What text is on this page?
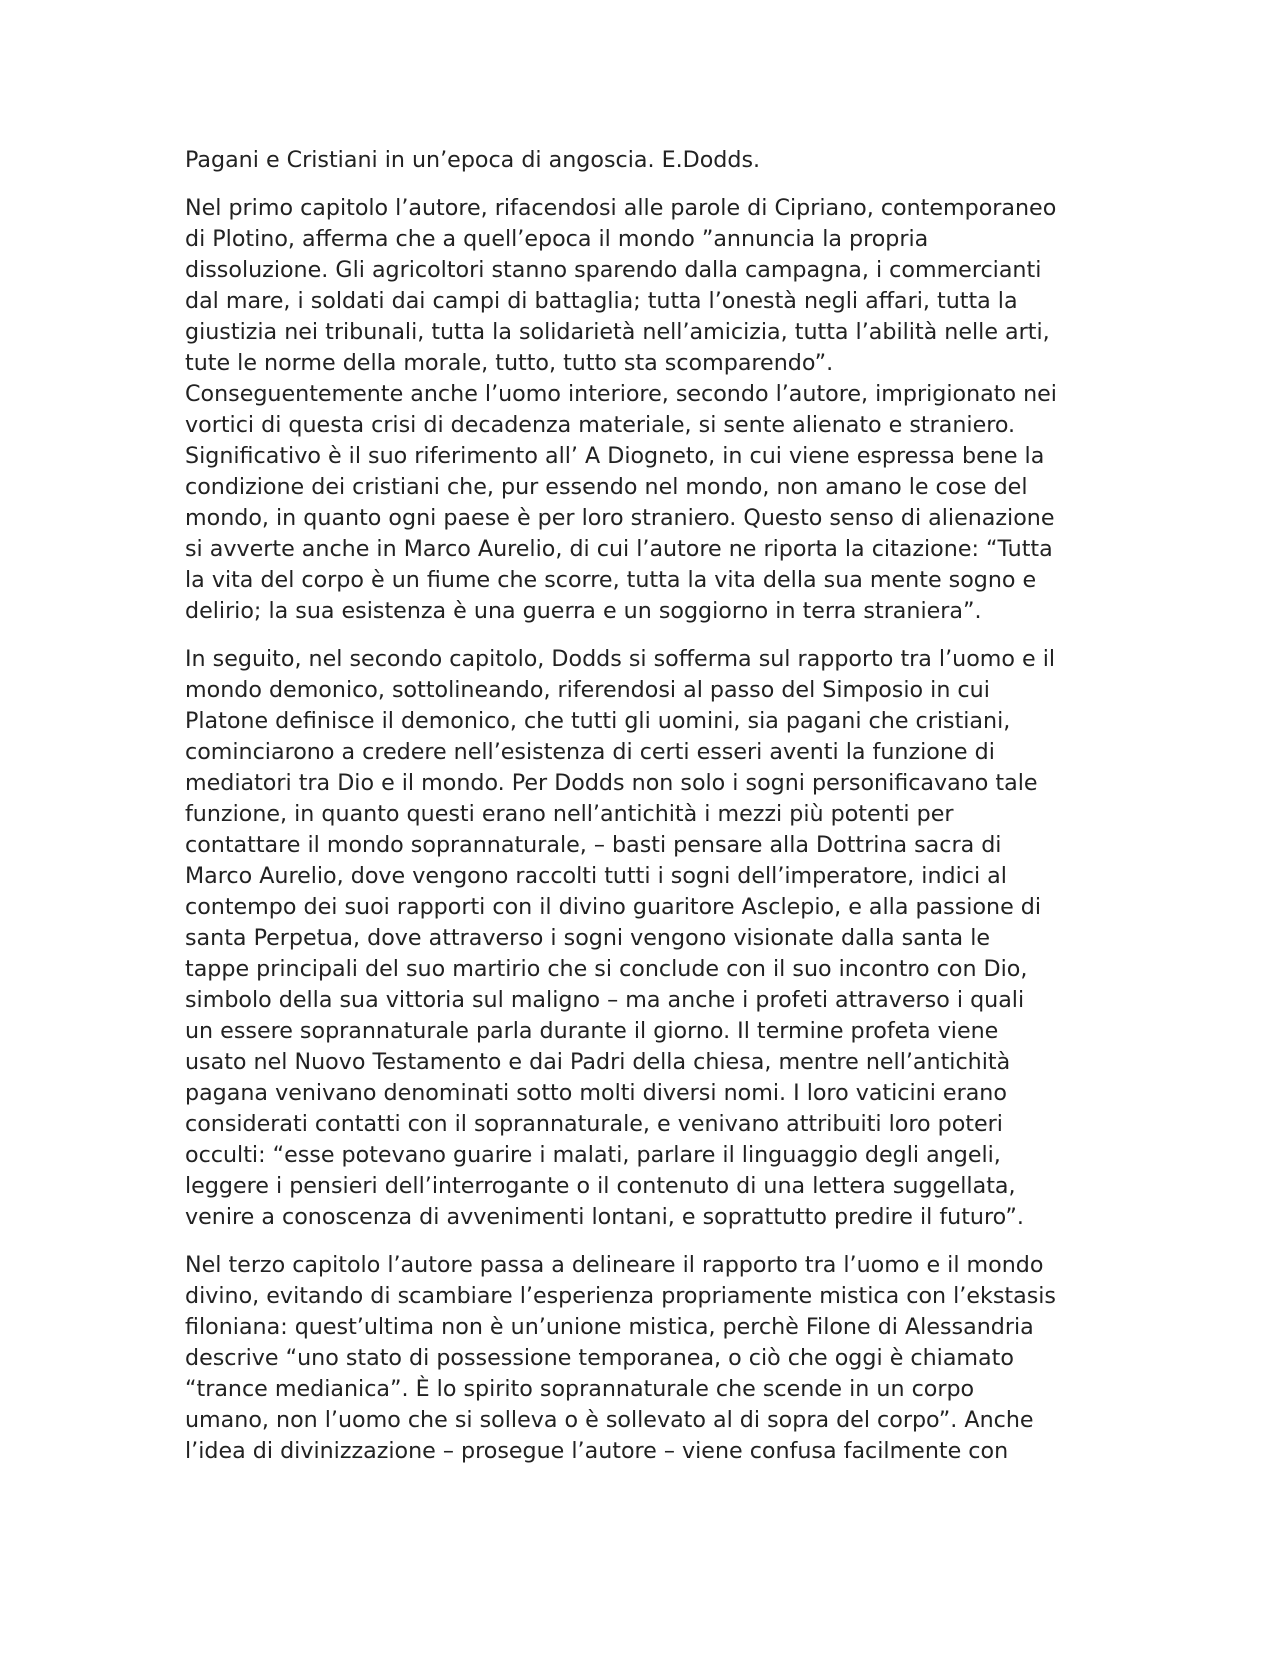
Pagani e Cristiani in un’epoca di angoscia. E.Dodds.
Nel primo capitolo l’autore, rifacendosi alle parole di Cipriano, contemporaneo
di Plotino, afferma che a quell’epoca il mondo ”annuncia la propria
dissoluzione. Gli agricoltori stanno sparendo dalla campagna, i commercianti
dal mare, i soldati dai campi di battaglia; tutta l’onestà negli affari, tutta la
giustizia nei tribunali, tutta la solidarietà nell’amicizia, tutta l’abilità nelle arti,
tute le norme della morale, tutto, tutto sta scomparendo”.
Conseguentemente anche l’uomo interiore, secondo l’autore, imprigionato nei
vortici di questa crisi di decadenza materiale, si sente alienato e straniero.
Significativo è il suo riferimento all’ A Diogneto, in cui viene espressa bene la
condizione dei cristiani che, pur essendo nel mondo, non amano le cose del
mondo, in quanto ogni paese è per loro straniero. Questo senso di alienazione
si avverte anche in Marco Aurelio, di cui l’autore ne riporta la citazione: “Tutta
la vita del corpo è un fiume che scorre, tutta la vita della sua mente sogno e
delirio; la sua esistenza è una guerra e un soggiorno in terra straniera”.
In seguito, nel secondo capitolo, Dodds si sofferma sul rapporto tra l’uomo e il
mondo demonico, sottolineando, riferendosi al passo del Simposio in cui
Platone definisce il demonico, che tutti gli uomini, sia pagani che cristiani,
cominciarono a credere nell’esistenza di certi esseri aventi la funzione di
mediatori tra Dio e il mondo. Per Dodds non solo i sogni personificavano tale
funzione, in quanto questi erano nell’antichità i mezzi più potenti per
contattare il mondo soprannaturale, – basti pensare alla Dottrina sacra di
Marco Aurelio, dove vengono raccolti tutti i sogni dell’imperatore, indici al
contempo dei suoi rapporti con il divino guaritore Asclepio, e alla passione di
santa Perpetua, dove attraverso i sogni vengono visionate dalla santa le
tappe principali del suo martirio che si conclude con il suo incontro con Dio,
simbolo della sua vittoria sul maligno – ma anche i profeti attraverso i quali
un essere soprannaturale parla durante il giorno. Il termine profeta viene
usato nel Nuovo Testamento e dai Padri della chiesa, mentre nell’antichità
pagana venivano denominati sotto molti diversi nomi. I loro vaticini erano
considerati contatti con il soprannaturale, e venivano attribuiti loro poteri
occulti: “esse potevano guarire i malati, parlare il linguaggio degli angeli,
leggere i pensieri dell’interrogante o il contenuto di una lettera suggellata,
venire a conoscenza di avvenimenti lontani, e soprattutto predire il futuro”.
Nel terzo capitolo l’autore passa a delineare il rapporto tra l’uomo e il mondo
divino, evitando di scambiare l’esperienza propriamente mistica con l’ekstasis
filoniana: quest’ultima non è un’unione mistica, perchè Filone di Alessandria
descrive “uno stato di possessione temporanea, o ciò che oggi è chiamato
“trance medianica”. È lo spirito soprannaturale che scende in un corpo
umano, non l’uomo che si solleva o è sollevato al di sopra del corpo”. Anche
l’idea di divinizzazione – prosegue l’autore – viene confusa facilmente con
